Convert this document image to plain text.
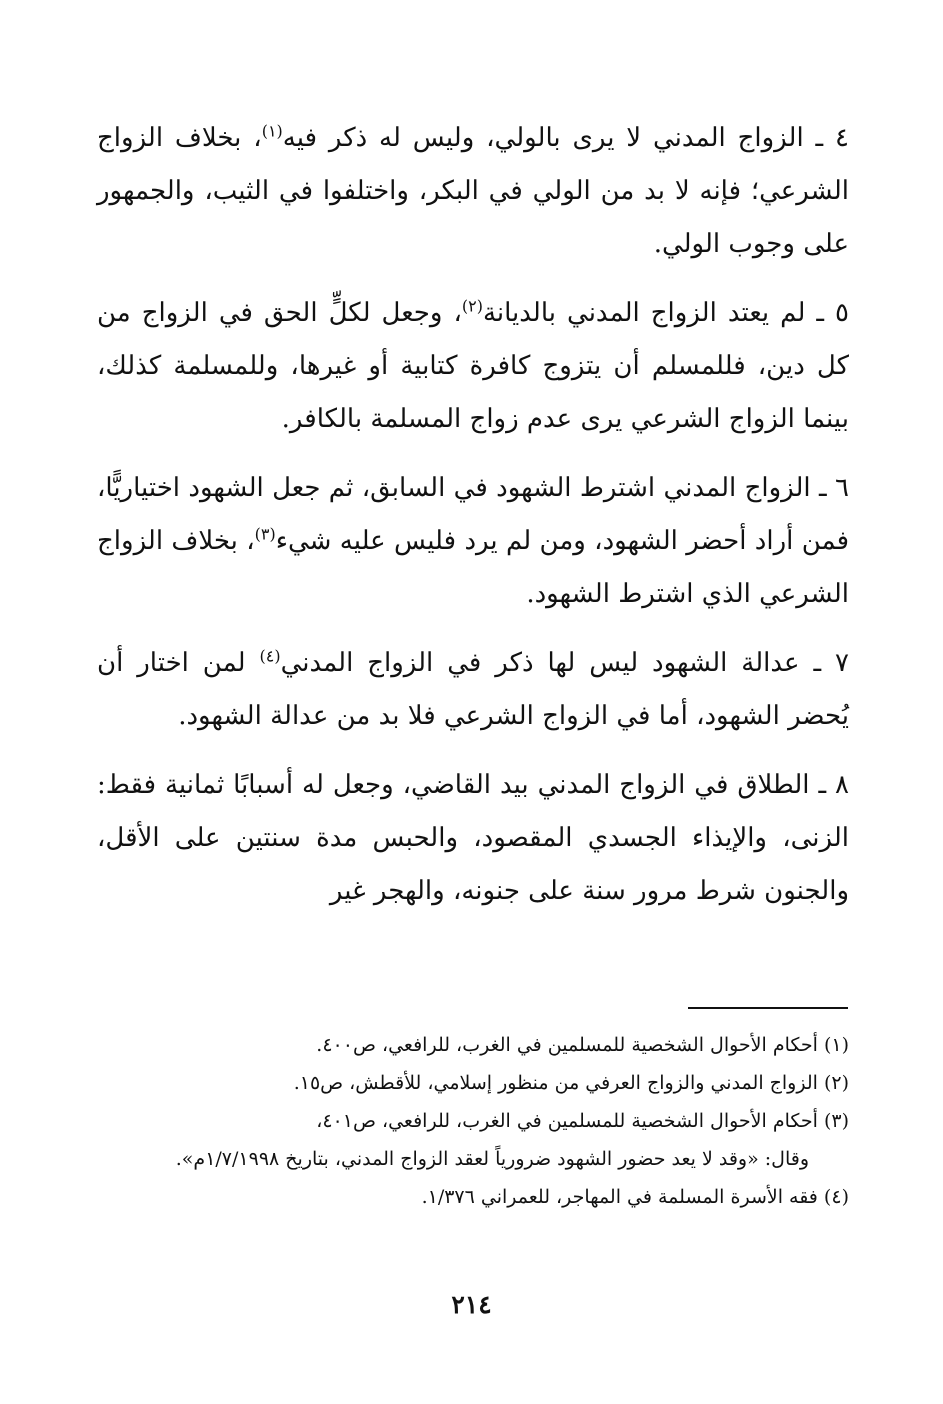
٤ ـ الزواج المدني لا يرى بالولي، وليس له ذكر فيه$^{(١)}$، بخلاف الزواج الشرعي؛ فإنه لا بد من الولي في البكر، واختلفوا في الثيب، والجمهور على وجوب الولي.

٥ ـ لم يعتد الزواج المدني بالديانة$^{(٢)}$، وجعل لكلٍّ الحق في الزواج من كل دين، فللمسلم أن يتزوج كافرة كتابية أو غيرها، وللمسلمة كذلك، بينما الزواج الشرعي يرى عدم زواج المسلمة بالكافر.

٦ ـ الزواج المدني اشترط الشهود في السابق، ثم جعل الشهود اختياريًّا، فمن أراد أحضر الشهود، ومن لم يرد فليس عليه شيء$^{(٣)}$، بخلاف الزواج الشرعي الذي اشترط الشهود.

٧ ـ عدالة الشهود ليس لها ذكر في الزواج المدني$^{(٤)}$ لمن اختار أن يُحضر الشهود، أما في الزواج الشرعي فلا بد من عدالة الشهود.

٨ ـ الطلاق في الزواج المدني بيد القاضي، وجعل له أسبابًا ثمانية فقط: الزنى، والإيذاء الجسدي المقصود، والحبس مدة سنتين على الأقل، والجنون شرط مرور سنة على جنونه، والهجر غير

(١) أحكام الأحوال الشخصية للمسلمين في الغرب، للرافعي، ص٤٠٠.

(٢) الزواج المدني والزواج العرفي من منظور إسلامي، للأقطش، ص١٥.

(٣) أحكام الأحوال الشخصية للمسلمين في الغرب، للرافعي، ص٤٠١،

وقال: «وقد لا يعد حضور الشهود ضرورياً لعقد الزواج المدني، بتاريخ ١/٧/١٩٩٨م».

(٤) فقه الأسرة المسلمة في المهاجر، للعمراني ١/٣٧٦.

٢١٤
